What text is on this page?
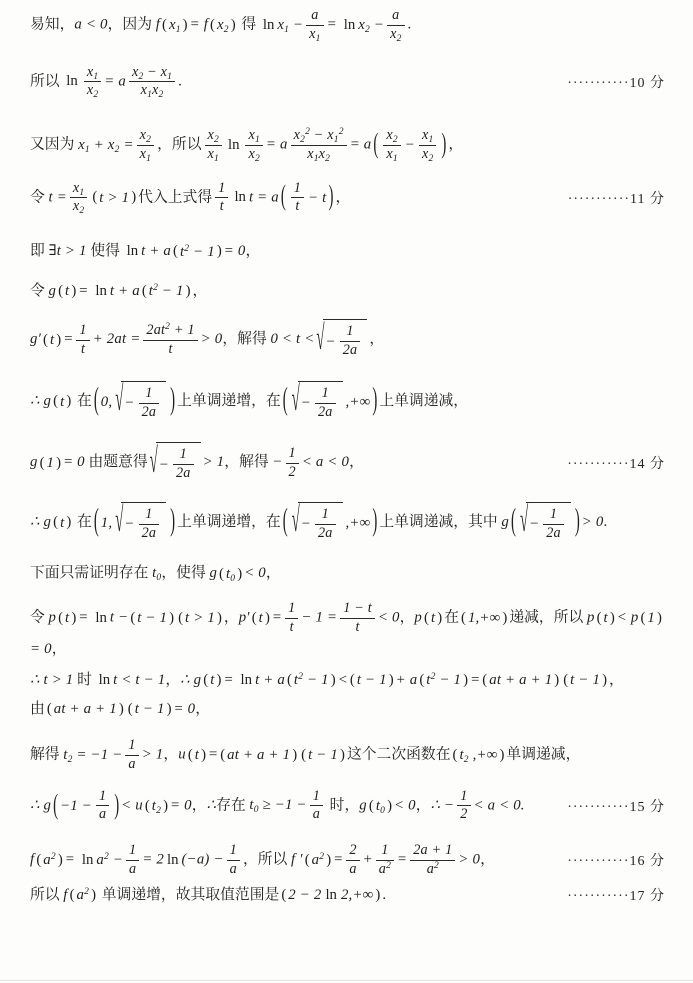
易知，a < 0，因为 f ( $x_1$ ) = f ( $x_2$ ) 得 $\ln x_1 - \frac{a}{x_1} = \ln x_2 - \frac{a}{x_2}$ .
所以 $\ln \frac{x_1}{x_2} = a \frac{x_2 - x_1}{x_1x_2}$ .	···········10 分
又因为 $x_1 + x_2 = \frac{x_2}{x_1}$ ，所以 $\frac{x_2}{x_1}$ $\ln \frac{x_1}{x_2} = a \frac{x_2^2 - x_1^2}{x_1x_2} = a$ ( $\frac{x_2}{x_1} - \frac{x_1}{x_2}$ ) ，
令 $t = \frac{x_1}{x_2}$ ( t > 1 ) 代入上式得 $\frac{1}{t}$ ln t = a ( $\frac{1}{t} - t$ ) ，	···········11 分
即 ∃t > 1 使得 ln t + a ( $t^2 - 1$ ) = 0，
令 g ( t ) = ln t + a ( $t^2 - 1$ ) ，
g′ ( t ) = $\frac{1}{t} + 2at = \frac{2at^2 + 1}{t} > 0$，解得 0 < t < √ − $\frac{1}{2a}$ ，
∴ g ( t ) 在 ( 0, √ − $\frac{1}{2a}$ ) 上单调递增，在 ( √ − $\frac{1}{2a}$ ,+∞ ) 上单调递减，
g ( 1 ) = 0 由题意得 √ − $\frac{1}{2a} > 1$，解得 − $\frac{1}{2} < a < 0$，	···········14 分
∴ g ( t ) 在 ( 1, √ − $\frac{1}{2a}$ ) 上单调递增，在 ( √ − $\frac{1}{2a}$ ,+∞ ) 上单调递减，其中 g ( √ − $\frac{1}{2a}$ ) > 0.
下面只需证明存在 $t_0$，使得 g ( $t_0$ ) < 0，
令 p ( t ) = ln t − ( t − 1 ) ( t > 1 ) ，p′ ( t ) = $\frac{1}{t} - 1 = \frac{1 - t}{t} < 0$，p ( t ) 在 ( 1,+∞ ) 递减，所以 p ( t ) < p ( 1 )
= 0，
∴ t > 1 时 ln t < t − 1，∴ g ( t ) = ln t + a ( $t^2 - 1$ ) < ( t − 1 ) + a ( $t^2 - 1$ ) = ( at + a + 1 ) ( t − 1 ) ，
由 ( at + a + 1 ) ( t − 1 ) = 0，
解得 $t_2 = -1 - \frac{1}{a} > 1$，u ( t ) = ( at + a + 1 ) ( t − 1 ) 这个二次函数在 ( $t_2$ ,+∞ ) 单调递减，
∴ g ( $-1 - \frac{1}{a}$ ) < u ( $t_2$ ) = 0，∴存在 $t_0 \ge -1 - \frac{1}{a}$ 时，g ( $t_0$ ) < 0，∴ − $\frac{1}{2} < a < 0$.	···········15 分
f ( $a^2$ ) = $\ln a^2 - \frac{1}{a} = 2$ $\ln (-a) - \frac{1}{a}$ ，所以 f ′ ( $a^2$ ) = $\frac{2}{a} + \frac{1}{a^2} = \frac{2a + 1}{a^2} > 0$，	···········16 分
所以 f ( $a^2$ ) 单调递增，故其取值范围是 ( 2 − 2 ln 2,+∞ ) .	···········17 分
